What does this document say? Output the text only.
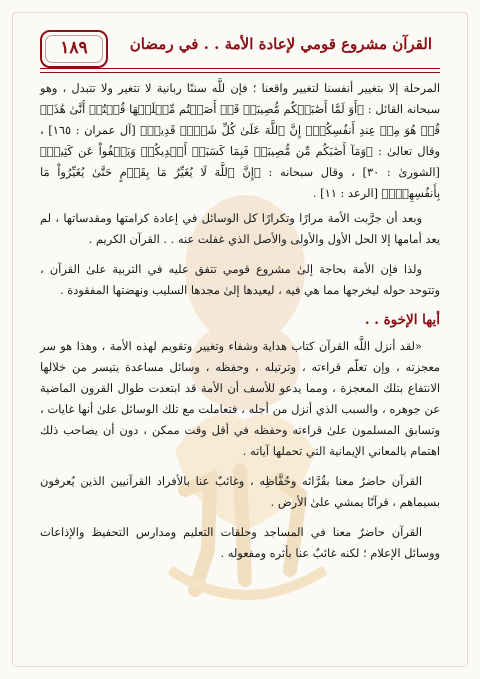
القرآن مشروع قومي لإعادة الأمة . . في رمضان
١٨٩

المرحلة إلا بتغيير أنفسنا لتغيير واقعنا ؛ فإن للَّه سننًا ربانية لا تتغير ولا تتبدل ، وهو سبحانه القائل : ﴿أَوَ لَمَّا أَصَٰبَتۡكُم مُّصِيبَةٞ قَدۡ أَصَبۡتُم مِّثۡلَيۡهَا قُلۡتُمۡ أَنَّىٰ هَٰذَاۖ قُلۡ هُوَ مِنۡ عِندِ أَنفُسِكُمۡۗ إِنَّ ٱللَّهَ عَلَىٰ كُلِّ شَيۡءٖ قَدِيرٞ﴾ [آل عمران : ١٦٥] ، وقال تعالىٰ : ﴿وَمَآ أَصَٰبَكُم مِّن مُّصِيبَةٖ فَبِمَا كَسَبَتۡ أَيۡدِيكُمۡ وَيَعۡفُواْ عَن كَثِيرٖ﴾ [الشورىٰ : ٣٠] ، وقال سبحانه : ﴿إِنَّ ٱللَّهَ لَا يُغَيِّرُ مَا بِقَوۡمٍ حَتَّىٰ يُغَيِّرُواْ مَا بِأَنفُسِهِمۡۗ﴾ [الرعد : ١١] .

وبعد أن جرَّبت الأمة مرارًا وتكرارًا كل الوسائل في إعادة كرامتها ومقدساتها ، لم يعد أمامها إلا الحل الأول والأولى والأصل الذي غفلت عنه . . القرآن الكريم .

ولذا فإن الأمة بحاجة إلىٰ مشروع قومي تتفق عليه في التربية علىٰ القرآن ، وتتوحد حوله ليخرجها مما هي فيه ، ليعيدها إلىٰ مجدها السليب ونهضتها المفقودة .

أيها الإخوة . .

«لقد أنزل اللَّه القرآن كتاب هداية وشفاء وتغيير وتقويم لهذه الأمة ، وهذا هو سر معجزته ، وإن تعلّم قراءته ، وترتيله ، وحفظه ، وسائل مساعدة يتيسر من خلالها الانتفاع بتلك المعجزة ، ومما يدعو للأسف أن الأمة قد ابتعدت طوال القرون الماضية عن جوهره ، والسبب الذي أنزل من أجله ، فتعاملت مع تلك الوسائل علىٰ أنها غايات ، وتسابق المسلمون علىٰ قراءته وحفظه في أقل وقت ممكن ، دون أن يصاحب ذلك اهتمام بالمعاني الإيمانية التي تحملها آياته .

القرآن حاضرٌ معنا بقُرَّائه وحُفَّاظِه ، وغائبٌ عنا بالأفراد القرآنيين الذين يُعرفون بسيماهم ، قرآنًا يمشي علىٰ الأرض .

القرآن حاضرٌ معنا في المساجد وحلقات التعليم ومدارس التحفيظ والإذاعات ووسائل الإعلام ؛ لكنه غائبٌ عنا بأثره ومفعوله .
